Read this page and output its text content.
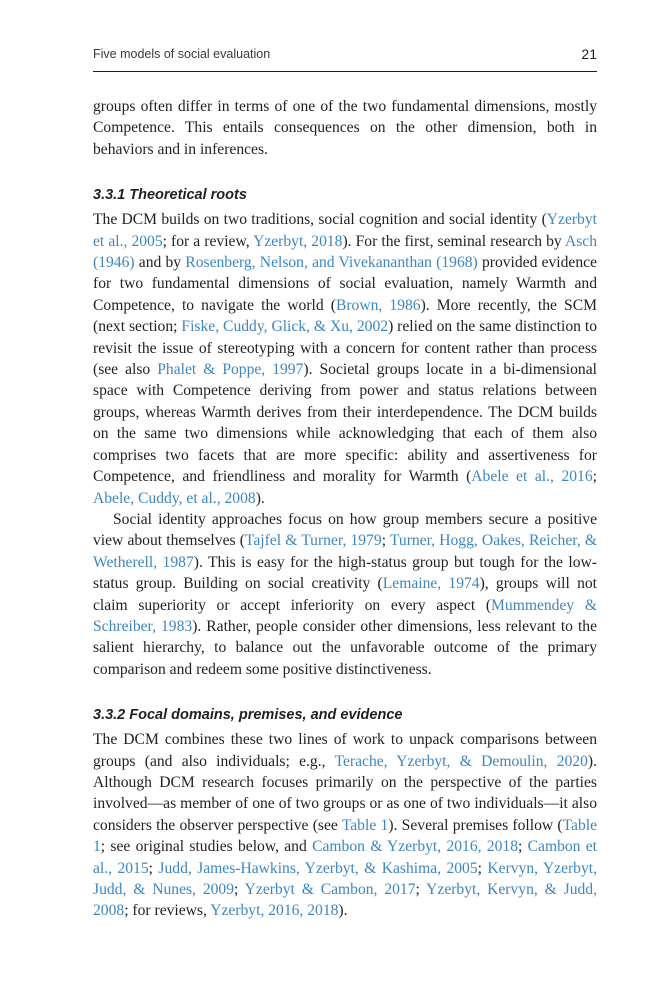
Five models of social evaluation	21

groups often differ in terms of one of the two fundamental dimensions, mostly Competence. This entails consequences on the other dimension, both in behaviors and in inferences.

3.3.1 Theoretical roots

The DCM builds on two traditions, social cognition and social identity (Yzerbyt et al., 2005; for a review, Yzerbyt, 2018). For the first, seminal research by Asch (1946) and by Rosenberg, Nelson, and Vivekananthan (1968) provided evidence for two fundamental dimensions of social evaluation, namely Warmth and Competence, to navigate the world (Brown, 1986). More recently, the SCM (next section; Fiske, Cuddy, Glick, & Xu, 2002) relied on the same distinction to revisit the issue of stereotyping with a concern for content rather than process (see also Phalet & Poppe, 1997). Societal groups locate in a bi-dimensional space with Competence deriving from power and status relations between groups, whereas Warmth derives from their interdependence. The DCM builds on the same two dimensions while acknowledging that each of them also comprises two facets that are more specific: ability and assertiveness for Competence, and friendliness and morality for Warmth (Abele et al., 2016; Abele, Cuddy, et al., 2008).

Social identity approaches focus on how group members secure a positive view about themselves (Tajfel & Turner, 1979; Turner, Hogg, Oakes, Reicher, & Wetherell, 1987). This is easy for the high-status group but tough for the low-status group. Building on social creativity (Lemaine, 1974), groups will not claim superiority or accept inferiority on every aspect (Mummendey & Schreiber, 1983). Rather, people consider other dimensions, less relevant to the salient hierarchy, to balance out the unfavorable outcome of the primary comparison and redeem some positive distinctiveness.

3.3.2 Focal domains, premises, and evidence

The DCM combines these two lines of work to unpack comparisons between groups (and also individuals; e.g., Terache, Yzerbyt, & Demoulin, 2020). Although DCM research focuses primarily on the perspective of the parties involved—as member of one of two groups or as one of two individuals—it also considers the observer perspective (see Table 1). Several premises follow (Table 1; see original studies below, and Cambon & Yzerbyt, 2016, 2018; Cambon et al., 2015; Judd, James-Hawkins, Yzerbyt, & Kashima, 2005; Kervyn, Yzerbyt, Judd, & Nunes, 2009; Yzerbyt & Cambon, 2017; Yzerbyt, Kervyn, & Judd, 2008; for reviews, Yzerbyt, 2016, 2018).
